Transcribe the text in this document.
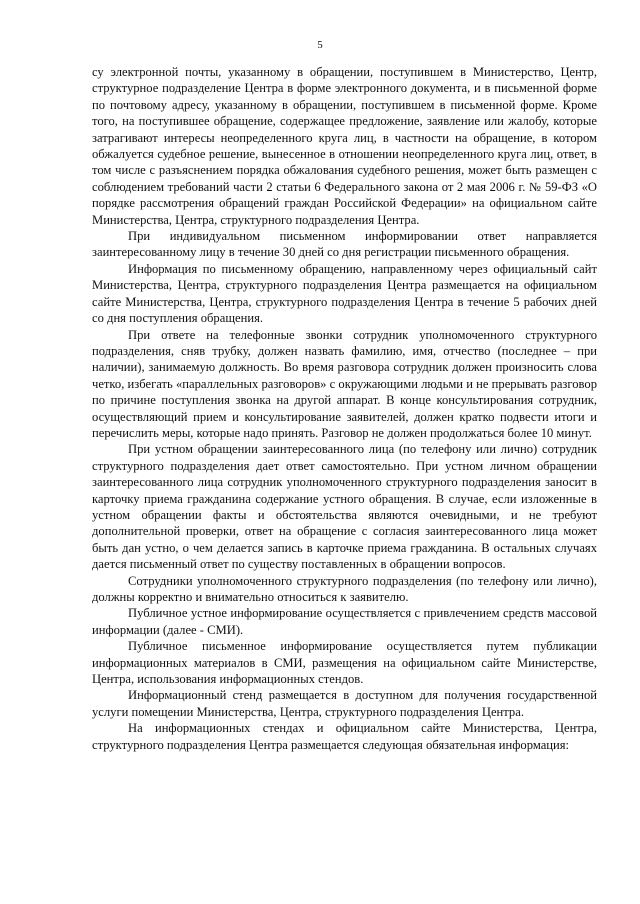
5

су электронной почты, указанному в обращении, поступившем в Министерство, Центр, структурное подразделение Центра в форме электронного документа, и в письменной форме по почтовому адресу, указанному в обращении, поступившем в письменной форме. Кроме того, на поступившее обращение, содержащее предложение, заявление или жалобу, которые затрагивают интересы неопределенного круга лиц, в частности на обращение, в котором обжалуется судебное решение, вынесенное в отношении неопределенного круга лиц, ответ, в том числе с разъяснением порядка обжалования судебного решения, может быть размещен с соблюдением требований части 2 статьи 6 Федерального закона от 2 мая 2006 г. № 59-ФЗ «О порядке рассмотрения обращений граждан Российской Федерации» на официальном сайте Министерства, Центра, структурного подразделения Центра.

При индивидуальном письменном информировании ответ направляется заинтересованному лицу в течение 30 дней со дня регистрации письменного обращения.

Информация по письменному обращению, направленному через официальный сайт Министерства, Центра, структурного подразделения Центра размещается на официальном сайте Министерства, Центра, структурного подразделения Центра в течение 5 рабочих дней со дня поступления обращения.

При ответе на телефонные звонки сотрудник уполномоченного структурного подразделения, сняв трубку, должен назвать фамилию, имя, отчество (последнее – при наличии), занимаемую должность. Во время разговора сотрудник должен произносить слова четко, избегать «параллельных разговоров» с окружающими людьми и не прерывать разговор по причине поступления звонка на другой аппарат. В конце консультирования сотрудник, осуществляющий прием и консультирование заявителей, должен кратко подвести итоги и перечислить меры, которые надо принять. Разговор не должен продолжаться более 10 минут.

При устном обращении заинтересованного лица (по телефону или лично) сотрудник структурного подразделения дает ответ самостоятельно. При устном личном обращении заинтересованного лица сотрудник уполномоченного структурного подразделения заносит в карточку приема гражданина содержание устного обращения. В случае, если изложенные в устном обращении факты и обстоятельства являются очевидными, и не требуют дополнительной проверки, ответ на обращение с согласия заинтересованного лица может быть дан устно, о чем делается запись в карточке приема гражданина. В остальных случаях дается письменный ответ по существу поставленных в обращении вопросов.

Сотрудники уполномоченного структурного подразделения (по телефону или лично), должны корректно и внимательно относиться к заявителю.

Публичное устное информирование осуществляется с привлечением средств массовой информации (далее - СМИ).

Публичное письменное информирование осуществляется путем публикации информационных материалов в СМИ, размещения на официальном сайте Министерстве, Центра, использования информационных стендов.

Информационный стенд размещается в доступном для получения государственной услуги помещении Министерства, Центра, структурного подразделения Центра.

На информационных стендах и официальном сайте Министерства, Центра, структурного подразделения Центра размещается следующая обязательная информация:
